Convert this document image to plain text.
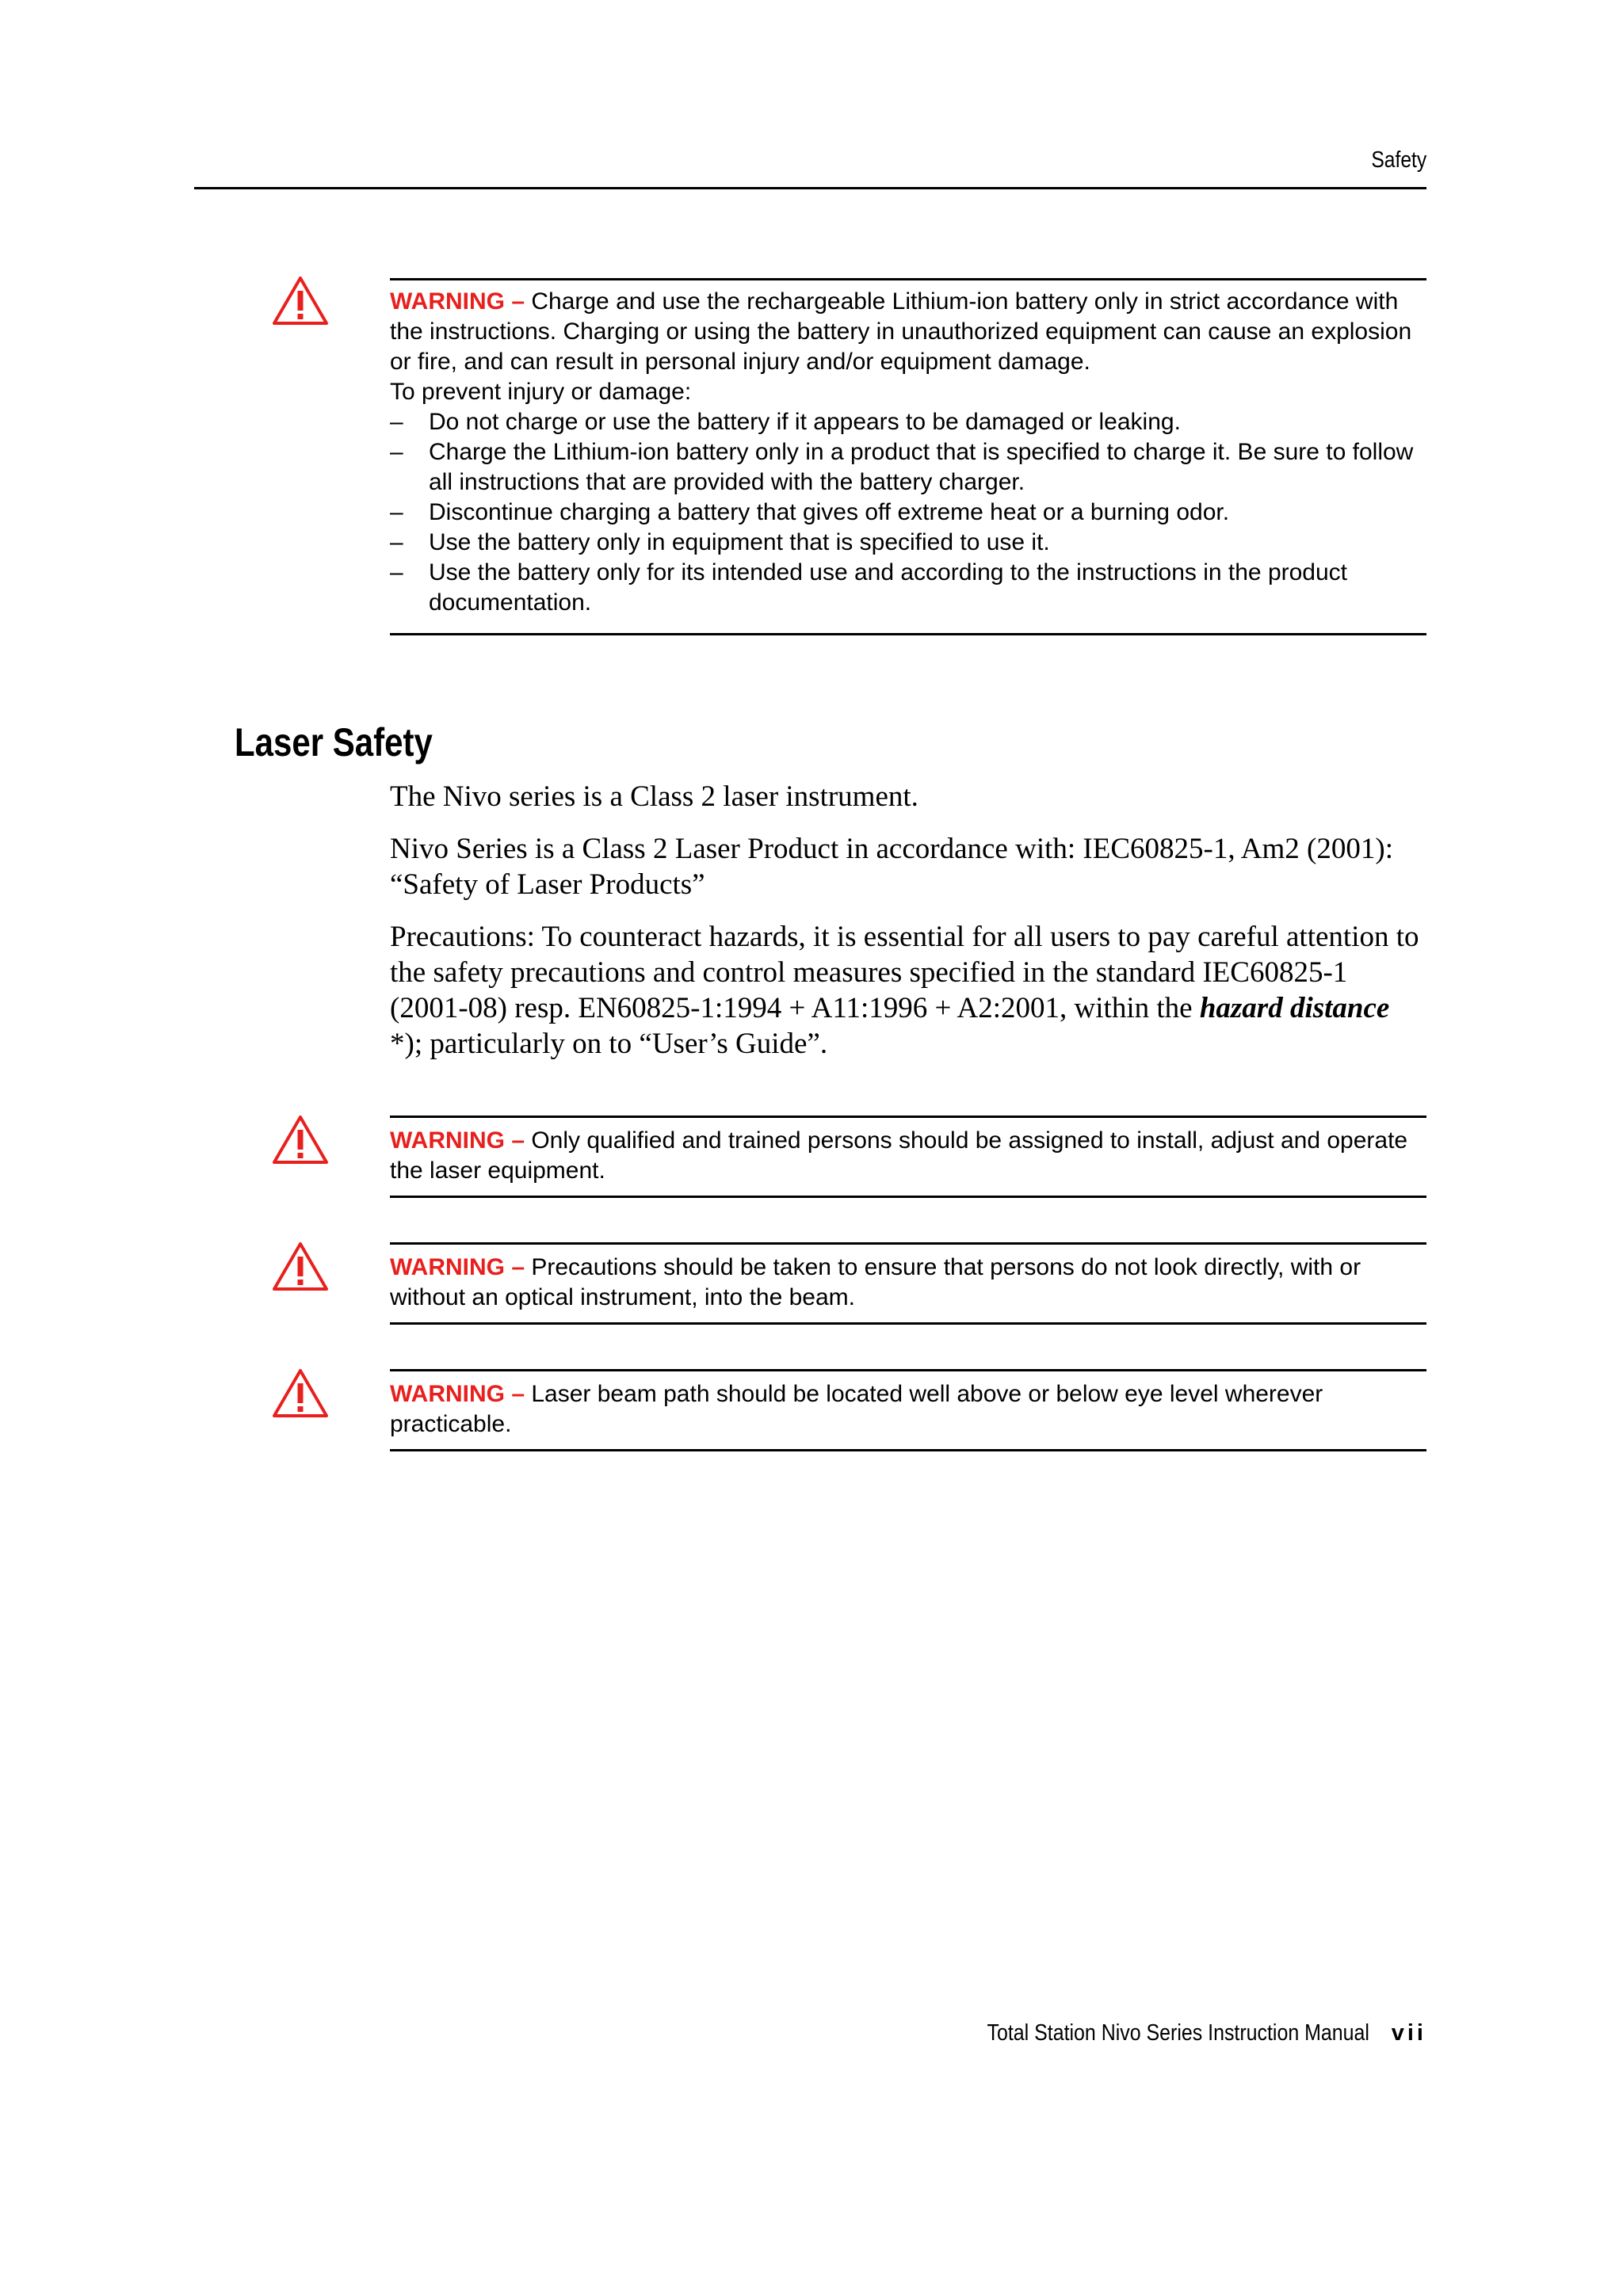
Safety

WARNING – Charge and use the rechargeable Lithium-ion battery only in strict accordance with the instructions. Charging or using the battery in unauthorized equipment can cause an explosion or fire, and can result in personal injury and/or equipment damage.

To prevent injury or damage:

– Do not charge or use the battery if it appears to be damaged or leaking.
– Charge the Lithium-ion battery only in a product that is specified to charge it. Be sure to follow all instructions that are provided with the battery charger.
– Discontinue charging a battery that gives off extreme heat or a burning odor.
– Use the battery only in equipment that is specified to use it.
– Use the battery only for its intended use and according to the instructions in the product documentation.
Laser Safety

The Nivo series is a Class 2 laser instrument.

Nivo Series is a Class 2 Laser Product in accordance with: IEC60825-1, Am2 (2001): “Safety of Laser Products”

Precautions: To counteract hazards, it is essential for all users to pay careful attention to the safety precautions and control measures specified in the standard IEC60825-1 (2001-08) resp. EN60825-1:1994 + A11:1996 + A2:2001, within the hazard distance *); particularly on to “User’s Guide”.

WARNING – Only qualified and trained persons should be assigned to install, adjust and operate the laser equipment.

WARNING – Precautions should be taken to ensure that persons do not look directly, with or without an optical instrument, into the beam.

WARNING – Laser beam path should be located well above or below eye level wherever practicable.

Total Station Nivo Series Instruction Manual vii
